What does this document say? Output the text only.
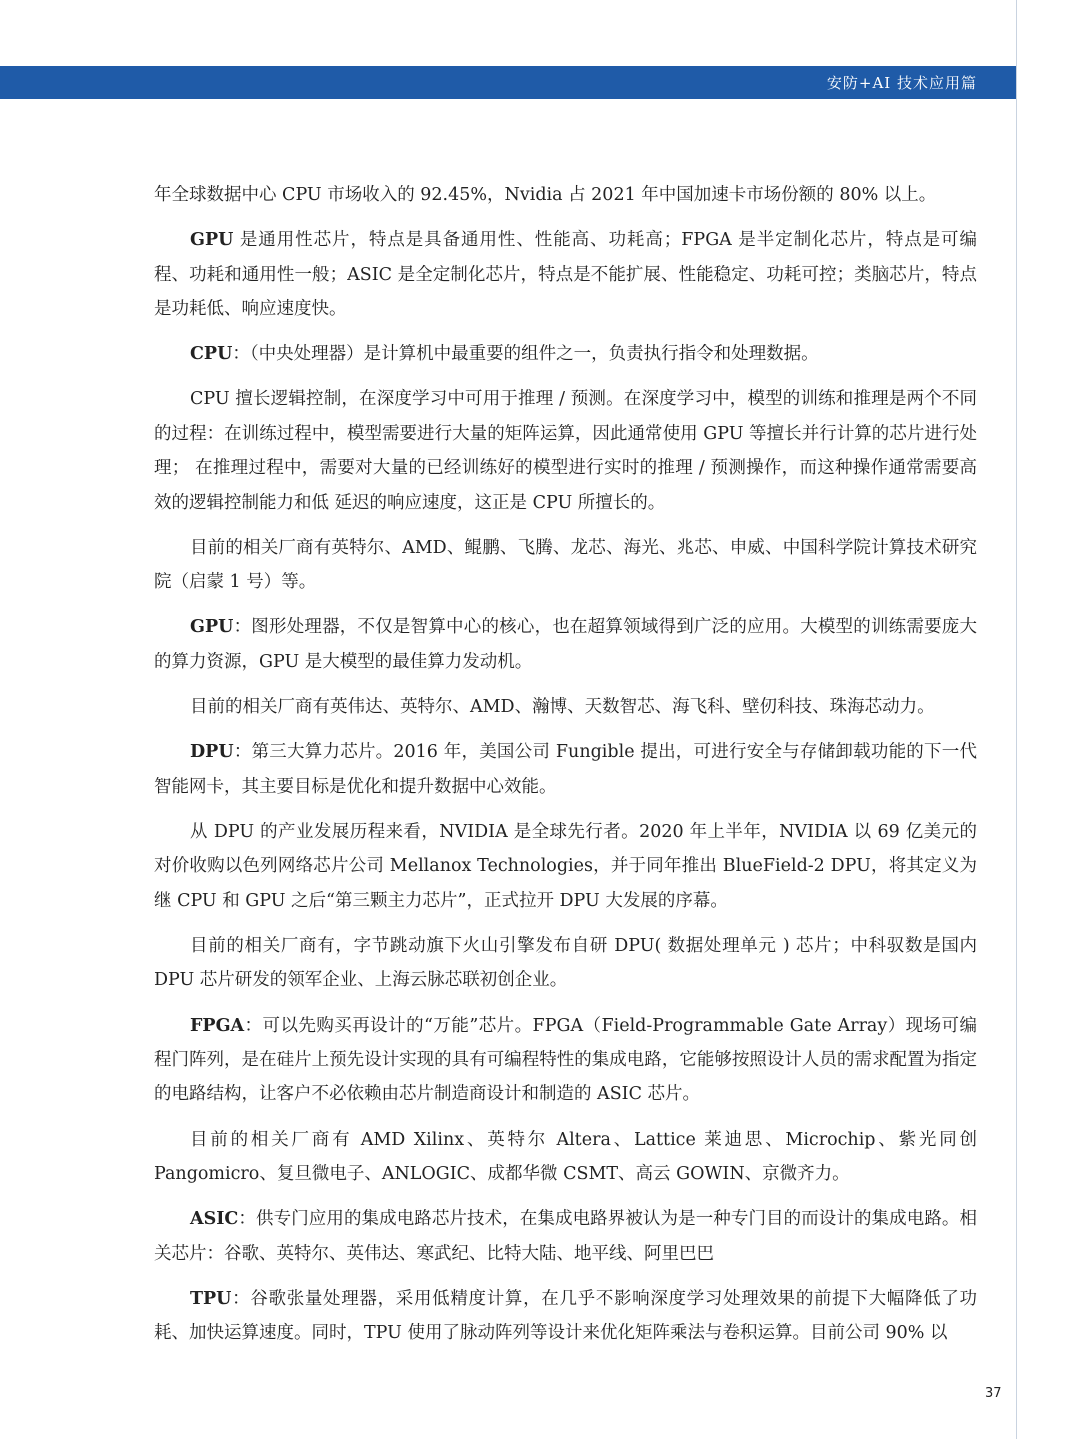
安防+AI 技术应用篇

年全球数据中心 CPU 市场收入的 92.45%，Nvidia 占 2021 年中国加速卡市场份额的 80% 以上。

GPU 是通用性芯片，特点是具备通用性、性能高、功耗高；FPGA 是半定制化芯片，特点是可编程、功耗和通用性一般；ASIC 是全定制化芯片，特点是不能扩展、性能稳定、功耗可控；类脑芯片，特点是功耗低、响应速度快。

CPU：（中央处理器）是计算机中最重要的组件之一，负责执行指令和处理数据。

CPU 擅长逻辑控制，在深度学习中可用于推理 / 预测。在深度学习中，模型的训练和推理是两个不同的过程：在训练过程中，模型需要进行大量的矩阵运算，因此通常使用 GPU 等擅长并行计算的芯片进行处理； 在推理过程中，需要对大量的已经训练好的模型进行实时的推理 / 预测操作，而这种操作通常需要高效的逻辑控制能力和低 延迟的响应速度，这正是 CPU 所擅长的。

目前的相关厂商有英特尔、AMD、鲲鹏、飞腾、龙芯、海光、兆芯、申威、中国科学院计算技术研究院（启蒙 1 号）等。

GPU：图形处理器，不仅是智算中心的核心，也在超算领域得到广泛的应用。大模型的训练需要庞大的算力资源，GPU 是大模型的最佳算力发动机。

目前的相关厂商有英伟达、英特尔、AMD、瀚博、天数智芯、海飞科、壁仞科技、珠海芯动力。

DPU：第三大算力芯片。2016 年，美国公司 Fungible 提出，可进行安全与存储卸载功能的下一代智能网卡，其主要目标是优化和提升数据中心效能。

从 DPU 的产业发展历程来看，NVIDIA 是全球先行者。2020 年上半年，NVIDIA 以 69 亿美元的对价收购以色列网络芯片公司 Mellanox Technologies，并于同年推出 BlueField-2 DPU，将其定义为继 CPU 和 GPU 之后“第三颗主力芯片”，正式拉开 DPU 大发展的序幕。

目前的相关厂商有，字节跳动旗下火山引擎发布自研 DPU( 数据处理单元 ) 芯片；中科驭数是国内 DPU 芯片研发的领军企业、上海云脉芯联初创企业。

FPGA：可以先购买再设计的“万能”芯片。FPGA（Field-Programmable Gate Array）现场可编程门阵列，是在硅片上预先设计实现的具有可编程特性的集成电路，它能够按照设计人员的需求配置为指定的电路结构，让客户不必依赖由芯片制造商设计和制造的 ASIC 芯片。

目前的相关厂商有 AMD Xilinx、英特尔 Altera、Lattice 莱迪思、Microchip、紫光同创 Pangomicro、复旦微电子、ANLOGIC、成都华微 CSMT、高云 GOWIN、京微齐力。

ASIC：供专门应用的集成电路芯片技术，在集成电路界被认为是一种专门目的而设计的集成电路。相关芯片：谷歌、英特尔、英伟达、寒武纪、比特大陆、地平线、阿里巴巴

TPU：谷歌张量处理器，采用低精度计算，在几乎不影响深度学习处理效果的前提下大幅降低了功耗、加快运算速度。同时，TPU 使用了脉动阵列等设计来优化矩阵乘法与卷积运算。目前公司 90% 以

37
